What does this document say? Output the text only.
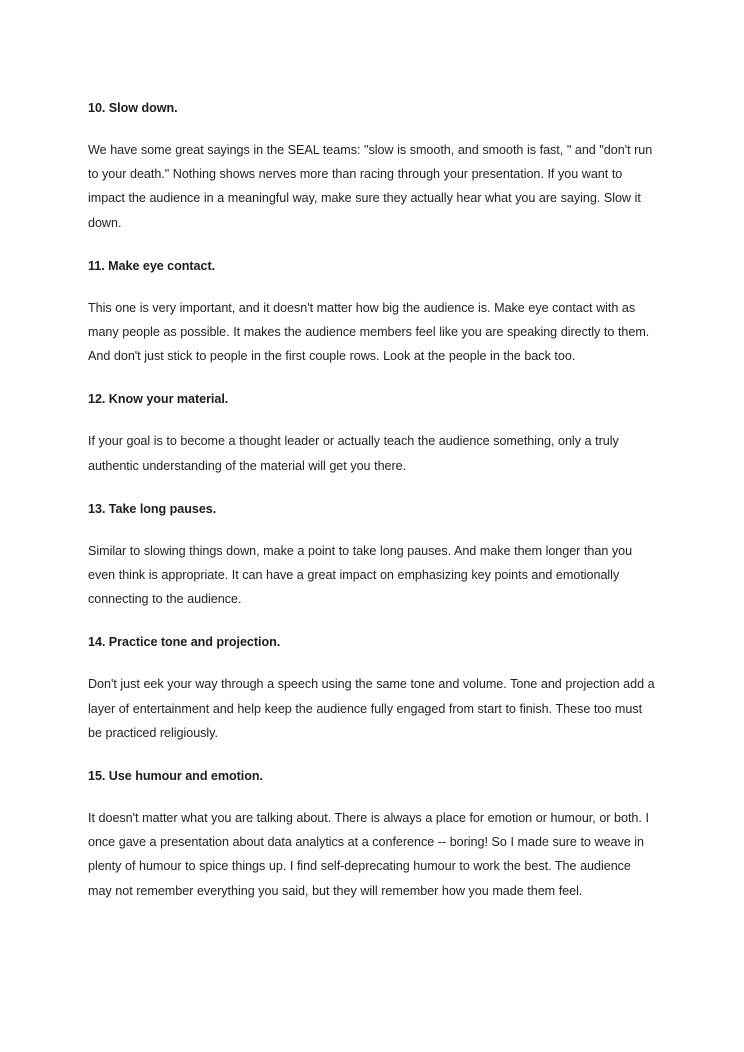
10. Slow down.

We have some great sayings in the SEAL teams: "slow is smooth, and smooth is fast, " and "don't run to your death." Nothing shows nerves more than racing through your presentation. If you want to impact the audience in a meaningful way, make sure they actually hear what you are saying. Slow it down.

11. Make eye contact.

This one is very important, and it doesn't matter how big the audience is. Make eye contact with as many people as possible. It makes the audience members feel like you are speaking directly to them. And don't just stick to people in the first couple rows. Look at the people in the back too.

12. Know your material.

If your goal is to become a thought leader or actually teach the audience something, only a truly authentic understanding of the material will get you there.

13. Take long pauses.

Similar to slowing things down, make a point to take long pauses. And make them longer than you even think is appropriate. It can have a great impact on emphasizing key points and emotionally connecting to the audience.

14. Practice tone and projection.

Don't just eek your way through a speech using the same tone and volume. Tone and projection add a layer of entertainment and help keep the audience fully engaged from start to finish. These too must be practiced religiously.

15. Use humour and emotion.

It doesn't matter what you are talking about. There is always a place for emotion or humour, or both. I once gave a presentation about data analytics at a conference -- boring! So I made sure to weave in plenty of humour to spice things up. I find self-deprecating humour to work the best. The audience may not remember everything you said, but they will remember how you made them feel.
